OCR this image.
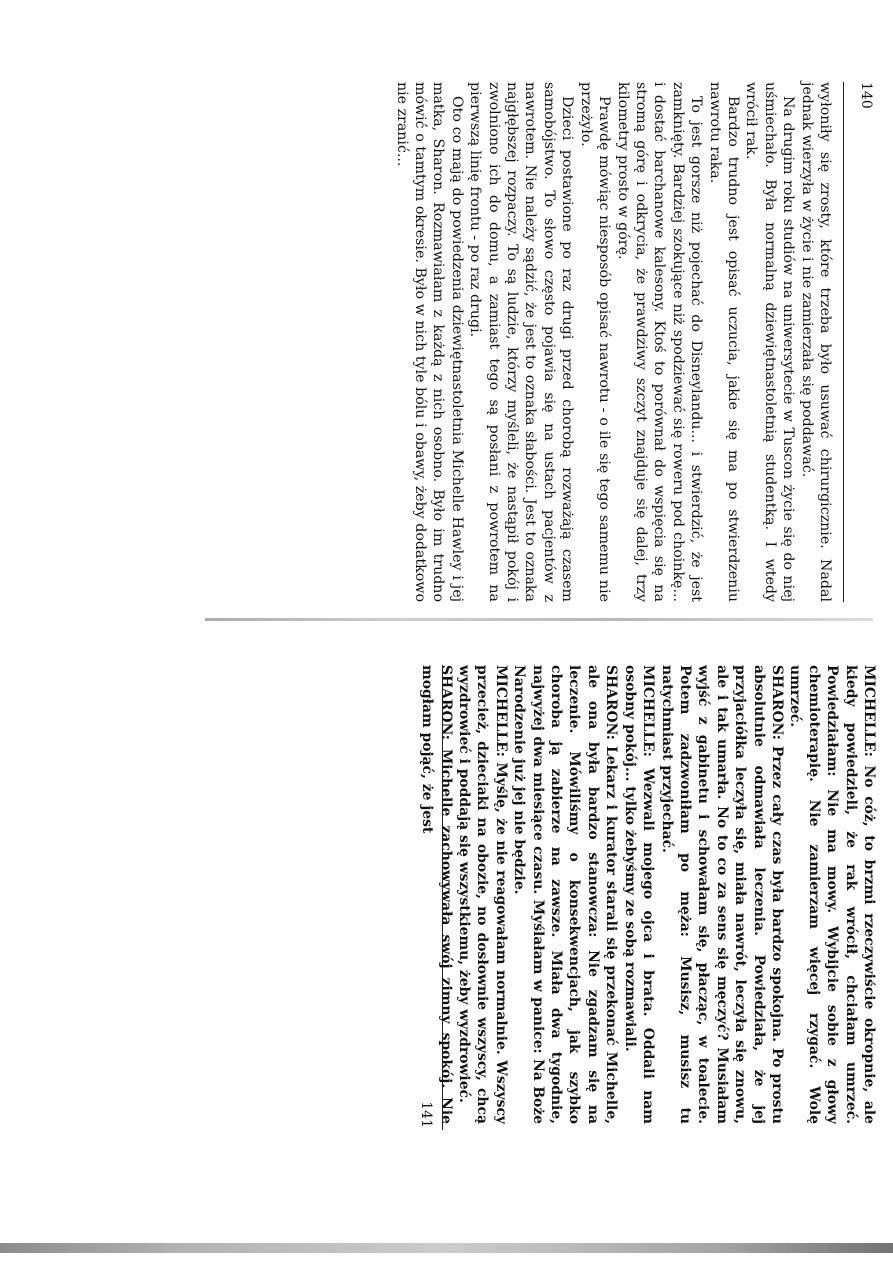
140

wyłoniły się zrosty, które trzeba było usuwać chirurgicznie. Nadal jednak wierzyła w życie i nie zamierzała się poddawać.

Na drugim roku studiów na uniwersytecie w Tuscon życie się do niej uśmiechało. Była normalną dziewiętnastoletnią studentką. I wtedy wrócił rak.

Bardzo trudno jest opisać uczucia, jakie się ma po stwierdzeniu nawrotu raka.

To jest gorsze niż pojechać do Disneylandu... i stwierdzić, że jest zamknięty. Bardziej szokujące niż spodziewać się roweru pod choinkę... i dostać barchanowe kalesony. Ktoś to porównał do wspięcia się na stromą górę i odkrycia, że prawdziwy szczyt znajduje się dalej, trzy kilometry prosto w górę.

Prawdę mówiąc niesposób opisać nawrotu - o ile się tego samemu nie przeżyło.

Dzieci postawione po raz drugi przed chorobą rozważają czasem samobójstwo. To słowo często pojawia się na ustach pacjentów z nawrotem. Nie należy sądzić, że jest to oznaka słabości. Jest to oznaka najgłębszej rozpaczy. To są ludzie, którzy myśleli, że nastąpił pokój i zwolniono ich do domu, a zamiast tego są posłani z powrotem na pierwszą linię frontu - po raz drugi.

Oto co mają do powiedzenia dziewiętnastoletnia Michelle Hawley i jej matka, Sharon. Rozmawiałam z każdą z nich osobno. Było im trudno mówić o tamtym okresie. Było w nich tyle bólu i obawy, żeby dodatkowo nie zranić...

MICHELLE: No cóż, to brzmi rzeczywiście okropnie, ale kiedy powiedzieli, że rak wrócił, chciałam umrzeć. Powiedziałam: Nie ma mowy. Wybijcie sobie z głowy chemioterapię. Nie zamierzam więcej rzygać. Wolę umrzeć.

SHARON: Przez cały czas była bardzo spokojna. Po prostu absolutnie odmawiała leczenia. Powiedziała, że jej przyjaciółka leczyła się, miała nawrót, leczyła się znowu, ale i tak umarła. No to co za sens się męczyć? Musiałam wyjść z gabinetu i schowałam się, płacząc, w toalecie. Potem zadzwoniłam po męża: Musisz, musisz tu natychmiast przyjechać.

MICHELLE: Wezwali mojego ojca i brata. Oddali nam osobny pokój... tylko żebyśmy ze sobą rozmawiali.

SHARON: Lekarz i kurator starali się przekonać Michelle, ale ona była bardzo stanowcza: Nie zgadzam się na leczenie. Mówiliśmy o konsekwencjach, jak szybko choroba ją zabierze na zawsze. Miała dwa tygodnie, najwyżej dwa miesiące czasu. Myślałam w panice: Na Boże Narodzenie już jej nie będzie.

MICHELLE: Myślę, że nie reagowałam normalnie. Wszyscy przecież, dzieciaki na obozie, no dosłownie wszyscy, chcą wyzdrowieć i poddają się wszystkiemu, żeby wyzdrowieć.

SHARON: Michelle zachowywała swój zimny spokój. Nie mogłam pojąć, że jest

141
